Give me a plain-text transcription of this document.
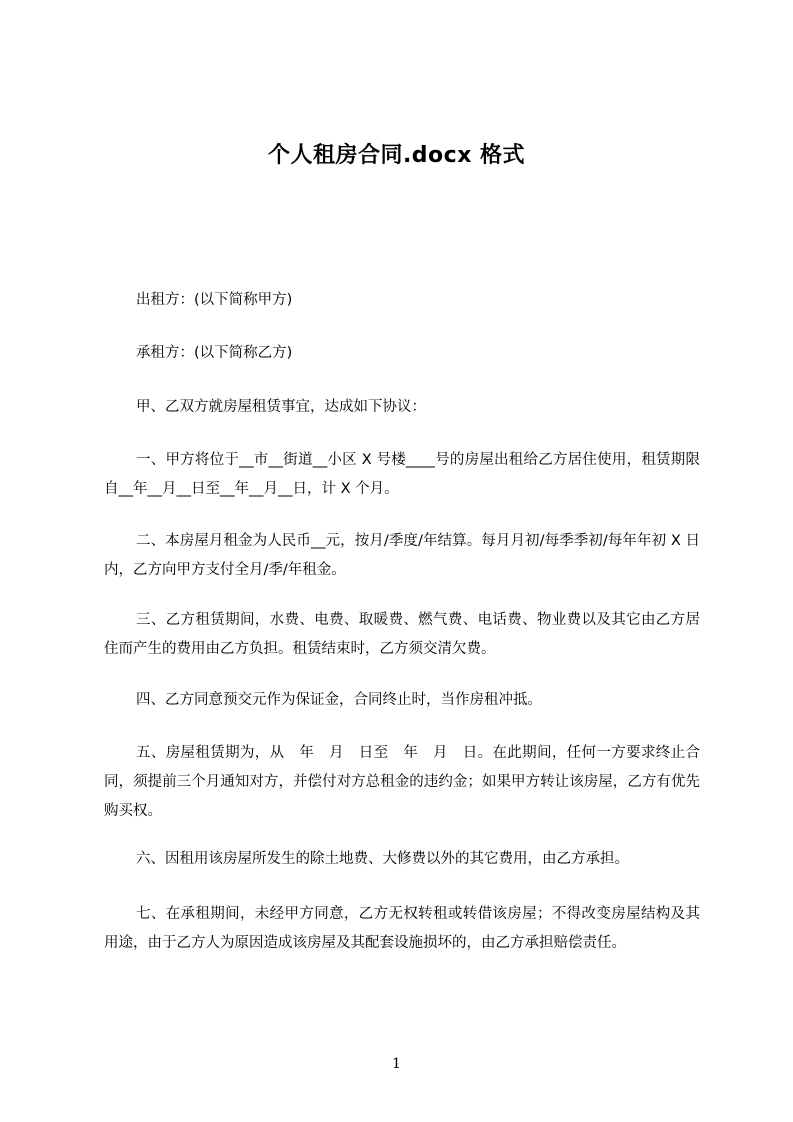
个人租房合同.docx 格式

出租方：(以下简称甲方)

承租方：(以下简称乙方)

甲、乙双方就房屋租赁事宜，达成如下协议：

一、甲方将位于__市__街道__小区 X 号楼____号的房屋出租给乙方居住使用，租赁期限自__年__月__日至__年__月__日，计 X 个月。

二、本房屋月租金为人民币__元，按月/季度/年结算。每月月初/每季季初/每年年初 X 日内，乙方向甲方支付全月/季/年租金。

三、乙方租赁期间，水费、电费、取暖费、燃气费、电话费、物业费以及其它由乙方居住而产生的费用由乙方负担。租赁结束时，乙方须交清欠费。

四、乙方同意预交元作为保证金，合同终止时，当作房租冲抵。

五、房屋租赁期为，从　年　月　日至　年　月　日。在此期间，任何一方要求终止合同，须提前三个月通知对方，并偿付对方总租金的违约金；如果甲方转让该房屋，乙方有优先购买权。

六、因租用该房屋所发生的除土地费、大修费以外的其它费用，由乙方承担。

七、在承租期间，未经甲方同意，乙方无权转租或转借该房屋；不得改变房屋结构及其用途，由于乙方人为原因造成该房屋及其配套设施损坏的，由乙方承担赔偿责任。

1
